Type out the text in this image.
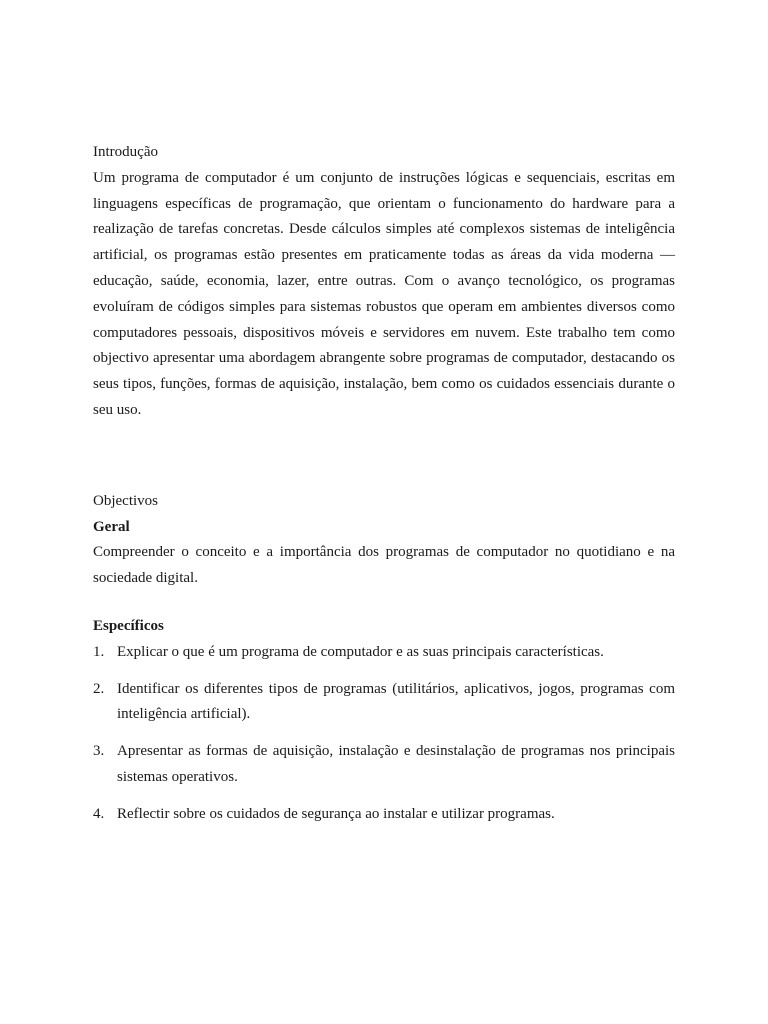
Introdução

Um programa de computador é um conjunto de instruções lógicas e sequenciais, escritas em linguagens específicas de programação, que orientam o funcionamento do hardware para a realização de tarefas concretas. Desde cálculos simples até complexos sistemas de inteligência artificial, os programas estão presentes em praticamente todas as áreas da vida moderna — educação, saúde, economia, lazer, entre outras. Com o avanço tecnológico, os programas evoluíram de códigos simples para sistemas robustos que operam em ambientes diversos como computadores pessoais, dispositivos móveis e servidores em nuvem. Este trabalho tem como objectivo apresentar uma abordagem abrangente sobre programas de computador, destacando os seus tipos, funções, formas de aquisição, instalação, bem como os cuidados essenciais durante o seu uso.

Objectivos

Geral

Compreender o conceito e a importância dos programas de computador no quotidiano e na sociedade digital.

Específicos

1. Explicar o que é um programa de computador e as suas principais características.
2. Identificar os diferentes tipos de programas (utilitários, aplicativos, jogos, programas com inteligência artificial).
3. Apresentar as formas de aquisição, instalação e desinstalação de programas nos principais sistemas operativos.
4. Reflectir sobre os cuidados de segurança ao instalar e utilizar programas.
